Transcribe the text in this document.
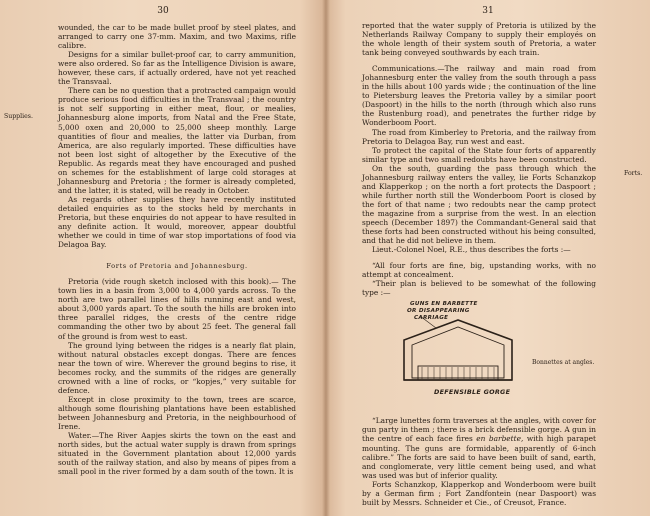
30
Supplies.

wounded, the car to be made bullet proof by steel plates, and arranged to carry one 37-mm. Maxim, and two Maxims, rifle calibre.

Designs for a similar bullet-proof car, to carry ammunition, were also ordered. So far as the Intelligence Division is aware, however, these cars, if actually ordered, have not yet reached the Transvaal.

There can be no question that a protracted campaign would produce serious food difficulties in the Transvaal ; the country is not self supporting in either meat, flour, or mealies, Johannesburg alone imports, from Natal and the Free State, 5,000 oxen and 20,000 to 25,000 sheep monthly. Large quantities of flour and mealies, the latter via Durban, from America, are also regularly imported. These difficulties have not been lost sight of altogether by the Executive of the Republic. As regards meat they have encouraged and pushed on schemes for the establishment of large cold storages at Johannesburg and Pretoria ; the former is already completed, and the latter, it is stated, will be ready in October.

As regards other supplies they have recently instituted detailed enquiries as to the stocks held by merchants in Pretoria, but these enquiries do not appear to have resulted in any definite action. It would, moreover, appear doubtful whether we could in time of war stop importations of food via Delagoa Bay.

Forts of Pretoria and Johannesburg.

Pretoria (vide rough sketch inclosed with this book).— The town lies in a basin from 3,000 to 4,000 yards across. To the north are two parallel lines of hills running east and west, about 3,000 yards apart. To the south the hills are broken into three parallel ridges, the crests of the centre ridge commanding the other two by about 25 feet. The general fall of the ground is from west to east.

The ground lying between the ridges is a nearly flat plain, without natural obstacles except dongas. There are fences near the town of wire. Wherever the ground begins to rise, it becomes rocky, and the summits of the ridges are generally crowned with a line of rocks, or “kopjes,” very suitable for defence.

Except in close proximity to the town, trees are scarce, although some flourishing plantations have been established between Johannesburg and Pretoria, in the neighbourhood of Irene.

Water.—The River Aapjes skirts the town on the east and north sides, but the actual water supply is drawn from springs situated in the Government plantation about 12,000 yards south of the railway station, and also by means of pipes from a small pool in the river formed by a dam south of the town. It is

31
Forts.

reported that the water supply of Pretoria is utilized by the Netherlands Railway Company to supply their employés on the whole length of their system south of Pretoria, a water tank being conveyed southwards by each train.

Communications.—The railway and main road from Johannesburg enter the valley from the south through a pass in the hills about 100 yards wide ; the continuation of the line to Pietersburg leaves the Pretoria valley by a similar poort (Daspoort) in the hills to the north (through which also runs the Rustenburg road), and penetrates the further ridge by Wonderboom Poort.

The road from Kimberley to Pretoria, and the railway from Pretoria to Delagoa Bay, run west and east.

To protect the capital of the State four forts of apparently similar type and two small redoubts have been constructed.

On the south, guarding the pass through which the Johannesburg railway enters the valley, lie Forts Schanzkop and Klapperkop ; on the north a fort protects the Daspoort ; while further north still the Wonderboom Poort is closed by the fort of that name ; two redoubts near the camp protect the magazine from a surprise from the west. In an election speech (December 1897) the Commandant-General said that these forts had been constructed without his being consulted, and that he did not believe in them.

Lieut.-Colonel Noel, R.E., thus describes the forts :—

“All four forts are fine, big, upstanding works, with no attempt at concealment.

“Their plan is believed to be somewhat of the following type :—

GUNS EN BARBETTE
OR DISAPPEARING
CARRIAGE
Bonnettes at angles.
DEFENSIBLE GORGE

“Large lunettes form traverses at the angles, with cover for gun party in them ; there is a brick defensible gorge. A gun in the centre of each face fires en barbette, with high parapet mounting. The guns are formidable, apparently of 6-inch calibre.” The forts are said to have been built of sand, earth, and conglomerate, very little cement being used, and what was used was but of inferior quality.

Forts Schanzkop, Klapperkop and Wonderboom were built by a German firm ; Fort Zandfontein (near Daspoort) was built by Messrs. Schneider et Cie., of Creusot, France.
